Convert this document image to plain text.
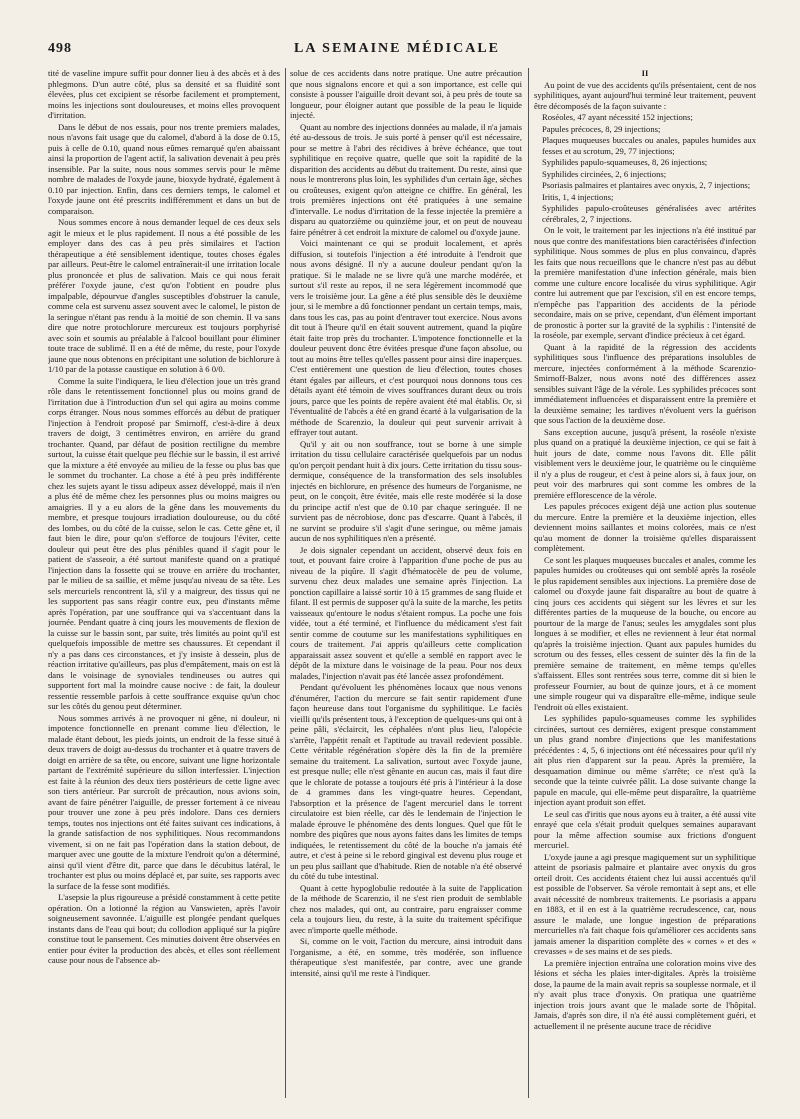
498	LA SEMAINE MÉDICALE

tité de vaseline impure suffit pour donner lieu à des abcès et à des phlegmons. D'un autre côté, plus sa densité et sa fluidité sont élevées, plus cet excipient se résorbe facilement et promptement, moins les injections sont douloureuses, et moins elles provoquent d'irritation.

Dans le début de nos essais, pour nos trente premiers malades, nous n'avons fait usage que du calomel, d'abord à la dose de 0.15, puis à celle de 0.10, quand nous eûmes remarqué qu'en abaissant ainsi la proportion de l'agent actif, la salivation devenait à peu près insensible. Par la suite, nous nous sommes servis pour le même nombre de malades de l'oxyde jaune, bioxyde hydraté, également à 0.10 par injection. Enfin, dans ces derniers temps, le calomel et l'oxyde jaune ont été prescrits indifféremment et dans un but de comparaison.

Nous sommes encore à nous demander lequel de ces deux sels agit le mieux et le plus rapidement. Il nous a été possible de les employer dans des cas à peu près similaires et l'action thérapeutique a été sensiblement identique, toutes choses égales par ailleurs. Peut-être le calomel entraînerait-il une irritation locale plus prononcée et plus de salivation. Mais ce qui nous ferait préférer l'oxyde jaune, c'est qu'on l'obtient en poudre plus impalpable, dépourvue d'angles susceptibles d'obstruer la canule, comme cela est survenu assez souvent avec le calomel, le piston de la seringue n'étant pas rendu à la moitié de son chemin. Il va sans dire que notre protochlorure mercureux est toujours porphyrisé avec soin et soumis au préalable à l'alcool bouillant pour éliminer toute trace de sublimé. Il en a été de même, du reste, pour l'oxyde jaune que nous obtenons en précipitant une solution de bichlorure à 1/10 par de la potasse caustique en solution à 6 0/0.

Comme la suite l'indiquera, le lieu d'élection joue un très grand rôle dans le retentissement fonctionnel plus ou moins grand de l'irritation due à l'introduction d'un sel qui agira au moins comme corps étranger. Nous nous sommes efforcés au début de pratiquer l'injection à l'endroit proposé par Smirnoff, c'est-à-dire à deux travers de doigt, 3 centimètres environ, en arrière du grand trochanter. Quand, par défaut de position rectiligne du membre surtout, la cuisse était quelque peu fléchie sur le bassin, il est arrivé que la mixture a été envoyée au milieu de la fesse ou plus bas que le sommet du trochanter. La chose a été à peu près indifférente chez les sujets ayant le tissu adipeux assez développé, mais il n'en a plus été de même chez les personnes plus ou moins maigres ou amaigries. Il y a eu alors de la gêne dans les mouvements du membre, et presque toujours irradiation douloureuse, ou du côté des lombes, ou du côté de la cuisse, selon le cas. Cette gêne et, il faut bien le dire, pour qu'on s'efforce de toujours l'éviter, cette douleur qui peut être des plus pénibles quand il s'agit pour le patient de s'asseoir, a été surtout manifeste quand on a pratiqué l'injection dans la fossette qui se trouve en arrière du trochanter, par le milieu de sa saillie, et même jusqu'au niveau de sa tête. Les sels mercuriels rencontrent là, s'il y a maigreur, des tissus qui ne les supportent pas sans réagir contre eux, peu d'instants même après l'opération, par une souffrance qui va s'accentuant dans la journée. Pendant quatre à cinq jours les mouvements de flexion de la cuisse sur le bassin sont, par suite, très limités au point qu'il est quelquefois impossible de mettre ses chaussures. Et cependant il n'y a pas dans ces circonstances, et j'y insiste à dessein, plus de réaction irritative qu'ailleurs, pas plus d'empâtement, mais on est là dans le voisinage de synoviales tendineuses ou autres qui supportent fort mal la moindre cause nocive : de fait, la douleur ressentie ressemble parfois à cette souffrance exquise qu'un choc sur les côtés du genou peut déterminer.

Nous sommes arrivés à ne provoquer ni gêne, ni douleur, ni impotence fonctionnelle en prenant comme lieu d'élection, le malade étant debout, les pieds joints, un endroit de la fesse situé à deux travers de doigt au-dessus du trochanter et à quatre travers de doigt en arrière de sa tête, ou encore, suivant une ligne horizontale partant de l'extrémité supérieure du sillon interfessier. L'injection est faite à la réunion des deux tiers postérieurs de cette ligne avec son tiers antérieur. Par surcroît de précaution, nous avions soin, avant de faire pénétrer l'aiguille, de presser fortement à ce niveau pour trouver une zone à peu près indolore. Dans ces derniers temps, toutes nos injections ont été faites suivant ces indications, à la grande satisfaction de nos syphilitiques. Nous recommandons vivement, si on ne fait pas l'opération dans la station debout, de marquer avec une goutte de la mixture l'endroit qu'on a déterminé, ainsi qu'il vient d'être dit, parce que dans le décubitus latéral, le trochanter est plus ou moins déplacé et, par suite, ses rapports avec la surface de la fesse sont modifiés.

L'asepsie la plus rigoureuse a présidé constamment à cette petite opération. On a lotionné la région au Vanswieten, après l'avoir soigneusement savonnée. L'aiguille est plongée pendant quelques instants dans de l'eau qui bout; du collodion appliqué sur la piqûre constitue tout le pansement. Ces minuties doivent être observées en entier pour éviter la production des abcès, et elles sont réellement cause pour nous de l'absence ab-

solue de ces accidents dans notre pratique. Une autre précaution que nous signalons encore et qui a son importance, est celle qui consiste à pousser l'aiguille droit devant soi, à peu près de toute sa longueur, pour éloigner autant que possible de la peau le liquide injecté.

Quant au nombre des injections données au malade, il n'a jamais été au-dessous de trois. Je suis porté à penser qu'il est nécessaire, pour se mettre à l'abri des récidives à brève échéance, que tout syphilitique en reçoive quatre, quelle que soit la rapidité de la disparition des accidents au début du traitement. Du reste, ainsi que nous le montrerons plus loin, les syphilides d'un certain âge, sèches ou croûteuses, exigent qu'on atteigne ce chiffre. En général, les trois premières injections ont été pratiquées à une semaine d'intervalle. Le nodus d'irritation de la fesse injectée la première a disparu au quatorzième ou quinzième jour, et on peut de nouveau faire pénétrer à cet endroit la mixture de calomel ou d'oxyde jaune.

Voici maintenant ce qui se produit localement, et après diffusion, si toutefois l'injection a été introduite à l'endroit que nous avons désigné. Il n'y a aucune douleur pendant qu'on la pratique. Si le malade ne se livre qu'à une marche modérée, et surtout s'il reste au repos, il ne sera légèrement incommodé que vers le troisième jour. La gêne a été plus sensible dès le deuxième jour, si le membre a dû fonctionner pendant un certain temps, mais, dans tous les cas, pas au point d'entraver tout exercice. Nous avons dit tout à l'heure qu'il en était souvent autrement, quand la piqûre était faite trop près du trochanter. L'impotence fonctionnelle et la douleur peuvent donc être évitées presque d'une façon absolue, ou tout au moins être telles qu'elles passent pour ainsi dire inaperçues. C'est entièrement une question de lieu d'élection, toutes choses étant égales par ailleurs, et c'est pourquoi nous donnons tous ces détails ayant été témoin de vives souffrances durant deux ou trois jours, parce que les points de repère avaient été mal établis. Or, si l'éventualité de l'abcès a été en grand écarté à la vulgarisation de la méthode de Scarenzio, la douleur qui peut survenir arrivait à effrayer tout autant.

Qu'il y ait ou non souffrance, tout se borne à une simple irritation du tissu cellulaire caractérisée quelquefois par un nodus qu'on perçoit pendant huit à dix jours. Cette irritation du tissu sous-dermique, conséquence de la transformation des sels insolubles injectés en bichlorure, en présence des humeurs de l'organisme, ne peut, on le conçoit, être évitée, mais elle reste modérée si la dose du principe actif n'est que de 0.10 par chaque seringuée. Il ne survient pas de nécrobiose, donc pas d'escarre. Quant à l'abcès, il ne survint se produire s'il s'agit d'une seringue, ou même jamais aucun de nos syphilitiques n'en a présenté.

Je dois signaler cependant un accident, observé deux fois en tout, et pouvant faire croire à l'apparition d'une poche de pus au niveau de la piqûre. Il s'agit d'hématocèle de peu de volume, survenu chez deux malades une semaine après l'injection. La ponction capillaire a laissé sortir 10 à 15 grammes de sang fluide et filant. Il est permis de supposer qu'à la suite de la marche, les petits vaisseaux qu'entoure le nodus s'étaient rompus. La poche une fois vidée, tout a été terminé, et l'influence du médicament s'est fait sentir comme de coutume sur les manifestations syphilitiques en cours de traitement. J'ai appris qu'ailleurs cette complication apparaissait assez souvent et qu'elle a semblé en rapport avec le dépôt de la mixture dans le voisinage de la peau. Pour nos deux malades, l'injection n'avait pas été lancée assez profondément.

Pendant qu'évoluent les phénomènes locaux que nous venons d'énumérer, l'action du mercure se fait sentir rapidement d'une façon heureuse dans tout l'organisme du syphilitique. Le faciès vieilli qu'ils présentent tous, à l'exception de quelques-uns qui ont à peine pâli, s'éclaircit, les céphalées n'ont plus lieu, l'alopécie s'arrête, l'appétit renaît et l'aptitude au travail redevient possible. Cette véritable régénération s'opère dès la fin de la première semaine du traitement. La salivation, surtout avec l'oxyde jaune, est presque nulle; elle n'est gênante en aucun cas, mais il faut dire que le chlorate de potasse a toujours été pris à l'intérieur à la dose de 4 grammes dans les vingt-quatre heures. Cependant, l'absorption et la présence de l'agent mercuriel dans le torrent circulatoire est bien réelle, car dès le lendemain de l'injection le malade éprouve le phénomène des dents longues. Quel que fût le nombre des piqûres que nous ayons faites dans les limites de temps indiquées, le retentissement du côté de la bouche n'a jamais été autre, et c'est à peine si le rebord gingival est devenu plus rouge et un peu plus saillant que d'habitude. Rien de notable n'a été observé du côté du tube intestinal.

Quant à cette hypoglobulie redoutée à la suite de l'application de la méthode de Scarenzio, il ne s'est rien produit de semblable chez nos malades, qui ont, au contraire, paru engraisser comme cela a toujours lieu, du reste, à la suite du traitement spécifique avec n'importe quelle méthode.

Si, comme on le voit, l'action du mercure, ainsi introduit dans l'organisme, a été, en somme, très modérée, son influence thérapeutique s'est manifestée, par contre, avec une grande intensité, ainsi qu'il me reste à l'indiquer.

II

Au point de vue des accidents qu'ils présentaient, cent de nos syphilitiques, ayant aujourd'hui terminé leur traitement, peuvent être décomposés de la façon suivante :

Roséoles, 47 ayant nécessité 152 injections;

Papules précoces, 8, 29 injections;

Plaques muqueuses buccales ou anales, papules humides aux fesses et au scrotum, 29, 77 injections;

Syphilides papulo-squameuses, 8, 26 injections;

Syphilides circinées, 2, 6 injections;

Psoriasis palmaires et plantaires avec onyxis, 2, 7 injections;

Iritis, 1, 4 injections;

Syphilides papulo-croûteuses généralisées avec artérites cérébrales, 2, 7 injections.

On le voit, le traitement par les injections n'a été institué par nous que contre des manifestations bien caractérisées d'infection syphilitique. Nous sommes de plus en plus convaincu, d'après les faits que nous recueillons que le chancre n'est pas au début la première manifestation d'une infection générale, mais bien comme une culture encore localisée du virus syphilitique. Agir contre lui autrement que par l'excision, s'il en est encore temps, n'empêche pas l'apparition des accidents de la période secondaire, mais on se prive, cependant, d'un élément important de pronostic à porter sur la gravité de la syphilis : l'intensité de la roséole, par exemple, servant d'indice précieux à cet égard.

Quant à la rapidité de la régression des accidents syphilitiques sous l'influence des préparations insolubles de mercure, injectées conformément à la méthode Scarenzio-Smirnoff-Balzer, nous avons noté des différences assez sensibles suivant l'âge de la vérole. Les syphilides précoces sont immédiatement influencées et disparaissent entre la première et la deuxième semaine; les tardives n'évoluent vers la guérison que sous l'action de la deuxième dose.

Sans exception aucune, jusqu'à présent, la roséole n'existe plus quand on a pratiqué la deuxième injection, ce qui se fait à huit jours de date, comme nous l'avons dit. Elle pâlit visiblement vers le deuxième jour, le quatrième ou le cinquième il n'y a plus de rougeur, et c'est à peine alors si, à faux jour, on peut voir des marbrures qui sont comme les ombres de la première efflorescence de la vérole.

Les papules précoces exigent déjà une action plus soutenue du mercure. Entre la première et la deuxième injection, elles deviennent moins saillantes et moins colorées, mais ce n'est qu'au moment de donner la troisième qu'elles disparaissent complètement.

Ce sont les plaques muqueuses buccales et anales, comme les papules humides ou croûteuses qui ont semblé après la roséole le plus rapidement sensibles aux injections. La première dose de calomel ou d'oxyde jaune fait disparaître au bout de quatre à cinq jours ces accidents qui siègent sur les lèvres et sur les différentes parties de la muqueuse de la bouche, ou encore au pourtour de la marge de l'anus; seules les amygdales sont plus longues à se modifier, et elles ne reviennent à leur état normal qu'après la troisième injection. Quant aux papules humides du scrotum ou des fesses, elles cessent de suinter dès la fin de la première semaine de traitement, en même temps qu'elles s'affaissent. Elles sont rentrées sous terre, comme dit si bien le professeur Fournier, au bout de quinze jours, et à ce moment une simple rougeur qui va disparaître elle-même, indique seule l'endroit où elles existaient.

Les syphilides papulo-squameuses comme les syphilides circinées, surtout ces dernières, exigent presque constamment un plus grand nombre d'injections que les manifestations précédentes : 4, 5, 6 injections ont été nécessaires pour qu'il n'y ait plus rien d'apparent sur la peau. Après la première, la desquamation diminue ou même s'arrête; ce n'est qu'à la seconde que la teinte cuivrée pâlit. La dose suivante change la papule en macule, qui elle-même peut disparaître, la quatrième injection ayant produit son effet.

Le seul cas d'iritis que nous ayons eu à traiter, a été aussi vite enrayé que cela s'était produit quelques semaines auparavant pour la même affection soumise aux frictions d'onguent mercuriel.

L'oxyde jaune a agi presque magiquement sur un syphilitique atteint de psoriasis palmaire et plantaire avec onyxis du gros orteil droit. Ces accidents étaient chez lui aussi accentués qu'il est possible de l'observer. Sa vérole remontait à sept ans, et elle avait nécessité de nombreux traitements. Le psoriasis a apparu en 1883, et il en est à la quatrième recrudescence, car, nous assure le malade, une longue ingestion de préparations mercurielles n'a fait chaque fois qu'améliorer ces accidents sans jamais amener la disparition complète des « cornes » et des « crevasses » de ses mains et de ses pieds.

La première injection entraîna une coloration moins vive des lésions et sécha les plaies inter-digitales. Après la troisième dose, la paume de la main avait repris sa souplesse normale, et il n'y avait plus trace d'onyxis. On pratiqua une quatrième injection trois jours avant que le malade sorte de l'hôpital. Jamais, d'après son dire, il n'a été aussi complètement guéri, et actuellement il ne présente aucune trace de récidive
